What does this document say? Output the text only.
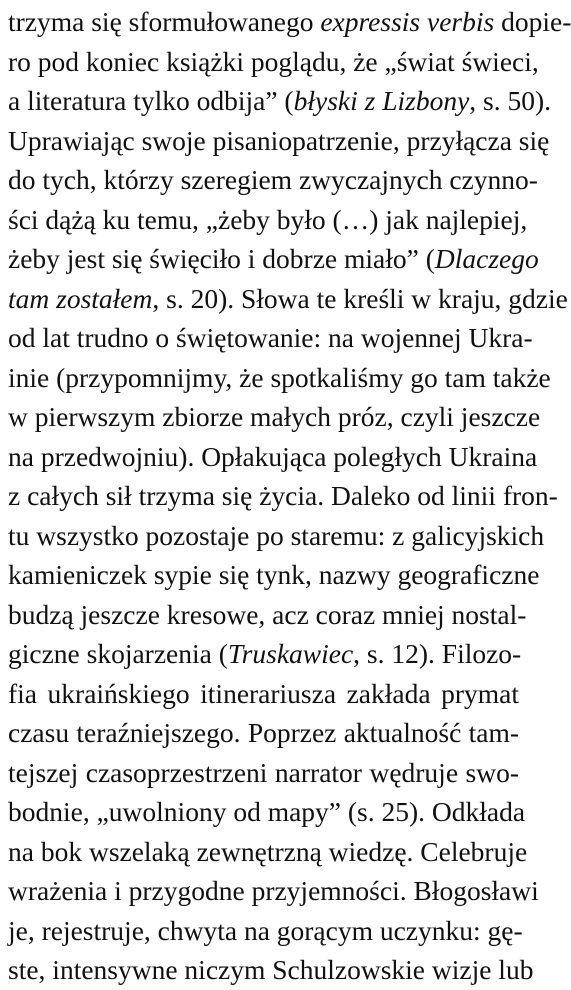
trzyma się sformułowanego expressis verbis dopie-
ro pod koniec książki poglądu, że „świat świeci,
a literatura tylko odbija” (błyski z Lizbony, s. 50).
Uprawiając swoje pisaniopatrzenie, przyłącza się
do tych, którzy szeregiem zwyczajnych czynno-
ści dążą ku temu, „żeby było (…) jak najlepiej,
żeby jest się święciło i dobrze miało” (Dlaczego
tam zostałem, s. 20). Słowa te kreśli w kraju, gdzie
od lat trudno o świętowanie: na wojennej Ukra-
inie (przypomnijmy, że spotkaliśmy go tam także
w pierwszym zbiorze małych próz, czyli jeszcze
na przedwojniu). Opłakująca poległych Ukraina
z całych sił trzyma się życia. Daleko od linii fron-
tu wszystko pozostaje po staremu: z galicyjskich
kamieniczek sypie się tynk, nazwy geograficzne
budzą jeszcze kresowe, acz coraz mniej nostal-
giczne skojarzenia (Truskawiec, s. 12). Filozo-
fia ukraińskiego itinerariusza zakłada prymat
czasu teraźniejszego. Poprzez aktualność tam-
tejszej czasoprzestrzeni narrator wędruje swo-
bodnie, „uwolniony od mapy” (s. 25). Odkłada
na bok wszelaką zewnętrzną wiedzę. Celebruje
wrażenia i przygodne przyjemności. Błogosławi
je, rejestruje, chwyta na gorącym uczynku: gę-
ste, intensywne niczym Schulzowskie wizje lub
